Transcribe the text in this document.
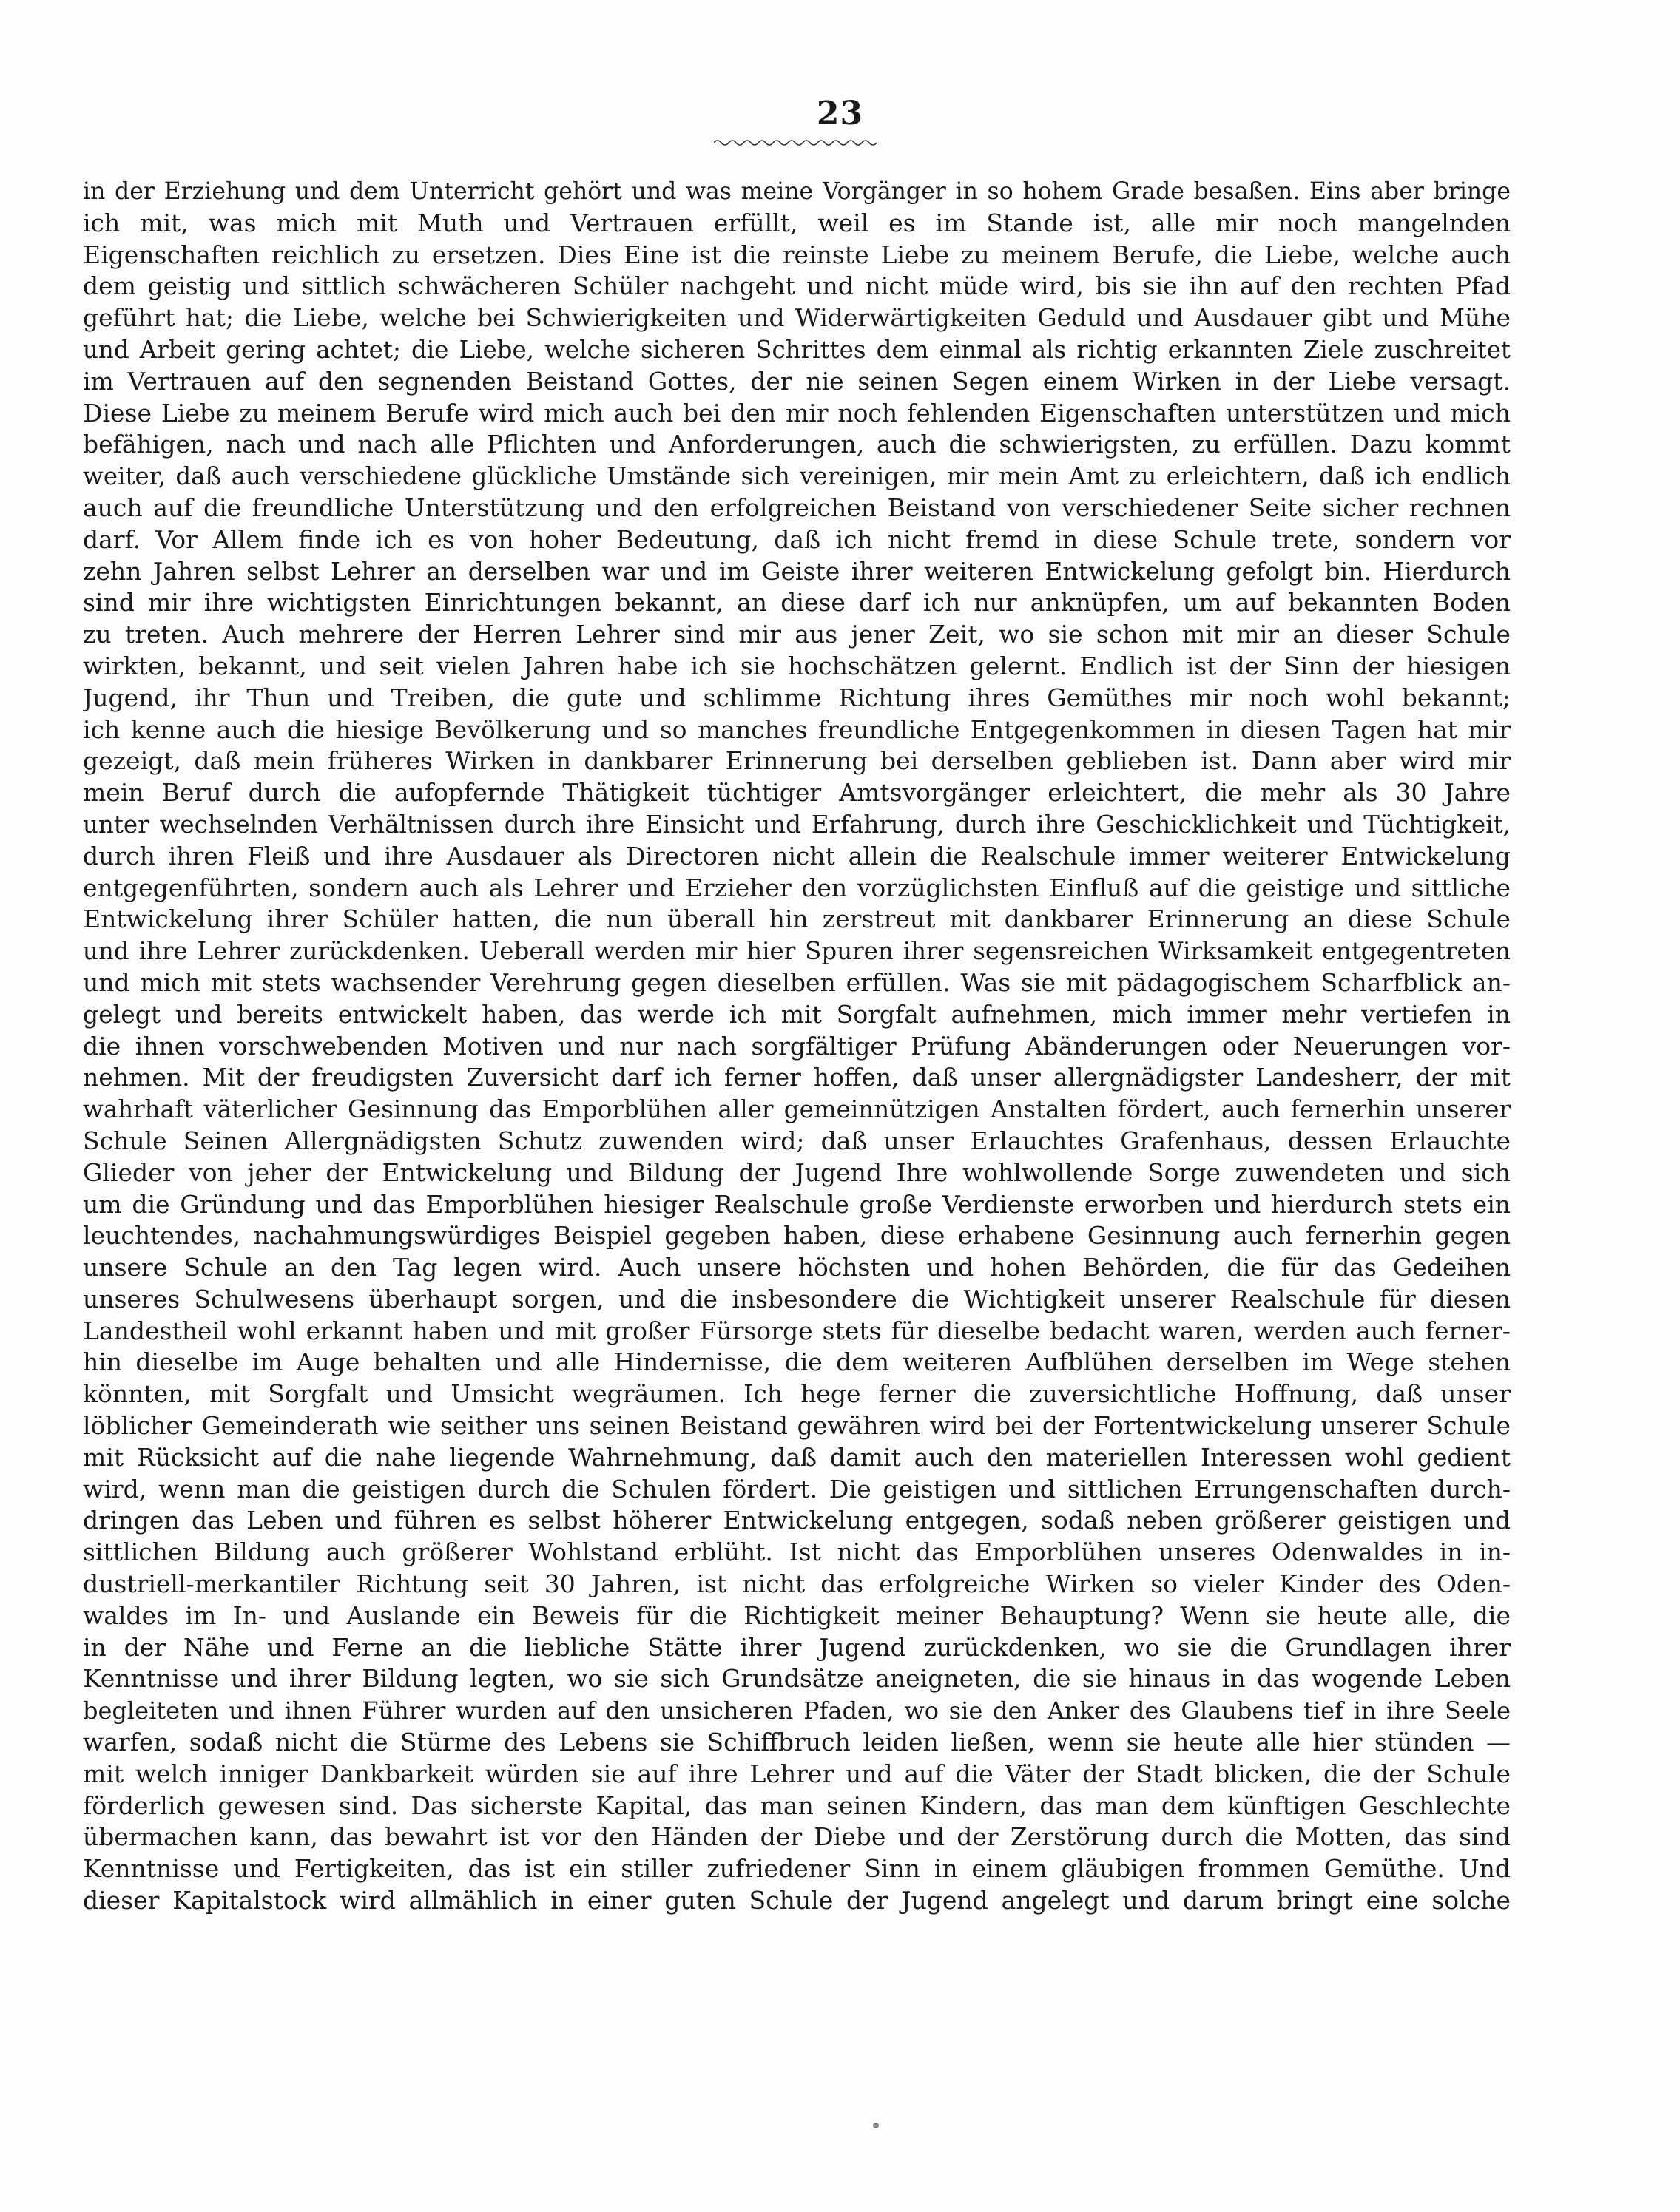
23
in der Erziehung und dem Unterricht gehört und was meine Vorgänger in so hohem Grade besaßen. Eins aber bringe
ich mit, was mich mit Muth und Vertrauen erfüllt, weil es im Stande ist, alle mir noch mangelnden
Eigenschaften reichlich zu ersetzen. Dies Eine ist die reinste Liebe zu meinem Berufe, die Liebe, welche auch
dem geistig und sittlich schwächeren Schüler nachgeht und nicht müde wird, bis sie ihn auf den rechten Pfad
geführt hat; die Liebe, welche bei Schwierigkeiten und Widerwärtigkeiten Geduld und Ausdauer gibt und Mühe
und Arbeit gering achtet; die Liebe, welche sicheren Schrittes dem einmal als richtig erkannten Ziele zuschreitet
im Vertrauen auf den segnenden Beistand Gottes, der nie seinen Segen einem Wirken in der Liebe versagt.
Diese Liebe zu meinem Berufe wird mich auch bei den mir noch fehlenden Eigenschaften unterstützen und mich
befähigen, nach und nach alle Pflichten und Anforderungen, auch die schwierigsten, zu erfüllen. Dazu kommt
weiter, daß auch verschiedene glückliche Umstände sich vereinigen, mir mein Amt zu erleichtern, daß ich endlich
auch auf die freundliche Unterstützung und den erfolgreichen Beistand von verschiedener Seite sicher rechnen
darf. Vor Allem finde ich es von hoher Bedeutung, daß ich nicht fremd in diese Schule trete, sondern vor
zehn Jahren selbst Lehrer an derselben war und im Geiste ihrer weiteren Entwickelung gefolgt bin. Hierdurch
sind mir ihre wichtigsten Einrichtungen bekannt, an diese darf ich nur anknüpfen, um auf bekannten Boden
zu treten. Auch mehrere der Herren Lehrer sind mir aus jener Zeit, wo sie schon mit mir an dieser Schule
wirkten, bekannt, und seit vielen Jahren habe ich sie hochschätzen gelernt. Endlich ist der Sinn der hiesigen
Jugend, ihr Thun und Treiben, die gute und schlimme Richtung ihres Gemüthes mir noch wohl bekannt;
ich kenne auch die hiesige Bevölkerung und so manches freundliche Entgegenkommen in diesen Tagen hat mir
gezeigt, daß mein früheres Wirken in dankbarer Erinnerung bei derselben geblieben ist. Dann aber wird mir
mein Beruf durch die aufopfernde Thätigkeit tüchtiger Amtsvorgänger erleichtert, die mehr als 30 Jahre
unter wechselnden Verhältnissen durch ihre Einsicht und Erfahrung, durch ihre Geschicklichkeit und Tüchtigkeit,
durch ihren Fleiß und ihre Ausdauer als Directoren nicht allein die Realschule immer weiterer Entwickelung
entgegenführten, sondern auch als Lehrer und Erzieher den vorzüglichsten Einfluß auf die geistige und sittliche
Entwickelung ihrer Schüler hatten, die nun überall hin zerstreut mit dankbarer Erinnerung an diese Schule
und ihre Lehrer zurückdenken. Ueberall werden mir hier Spuren ihrer segensreichen Wirksamkeit entgegentreten
und mich mit stets wachsender Verehrung gegen dieselben erfüllen. Was sie mit pädagogischem Scharfblick an-
gelegt und bereits entwickelt haben, das werde ich mit Sorgfalt aufnehmen, mich immer mehr vertiefen in
die ihnen vorschwebenden Motiven und nur nach sorgfältiger Prüfung Abänderungen oder Neuerungen vor-
nehmen. Mit der freudigsten Zuversicht darf ich ferner hoffen, daß unser allergnädigster Landesherr, der mit
wahrhaft väterlicher Gesinnung das Emporblühen aller gemeinnützigen Anstalten fördert, auch fernerhin unserer
Schule Seinen Allergnädigsten Schutz zuwenden wird; daß unser Erlauchtes Grafenhaus, dessen Erlauchte
Glieder von jeher der Entwickelung und Bildung der Jugend Ihre wohlwollende Sorge zuwendeten und sich
um die Gründung und das Emporblühen hiesiger Realschule große Verdienste erworben und hierdurch stets ein
leuchtendes, nachahmungswürdiges Beispiel gegeben haben, diese erhabene Gesinnung auch fernerhin gegen
unsere Schule an den Tag legen wird. Auch unsere höchsten und hohen Behörden, die für das Gedeihen
unseres Schulwesens überhaupt sorgen, und die insbesondere die Wichtigkeit unserer Realschule für diesen
Landestheil wohl erkannt haben und mit großer Fürsorge stets für dieselbe bedacht waren, werden auch ferner-
hin dieselbe im Auge behalten und alle Hindernisse, die dem weiteren Aufblühen derselben im Wege stehen
könnten, mit Sorgfalt und Umsicht wegräumen. Ich hege ferner die zuversichtliche Hoffnung, daß unser
löblicher Gemeinderath wie seither uns seinen Beistand gewähren wird bei der Fortentwickelung unserer Schule
mit Rücksicht auf die nahe liegende Wahrnehmung, daß damit auch den materiellen Interessen wohl gedient
wird, wenn man die geistigen durch die Schulen fördert. Die geistigen und sittlichen Errungenschaften durch-
dringen das Leben und führen es selbst höherer Entwickelung entgegen, sodaß neben größerer geistigen und
sittlichen Bildung auch größerer Wohlstand erblüht. Ist nicht das Emporblühen unseres Odenwaldes in in-
dustriell-merkantiler Richtung seit 30 Jahren, ist nicht das erfolgreiche Wirken so vieler Kinder des Oden-
waldes im In- und Auslande ein Beweis für die Richtigkeit meiner Behauptung? Wenn sie heute alle, die
in der Nähe und Ferne an die liebliche Stätte ihrer Jugend zurückdenken, wo sie die Grundlagen ihrer
Kenntnisse und ihrer Bildung legten, wo sie sich Grundsätze aneigneten, die sie hinaus in das wogende Leben
begleiteten und ihnen Führer wurden auf den unsicheren Pfaden, wo sie den Anker des Glaubens tief in ihre Seele
warfen, sodaß nicht die Stürme des Lebens sie Schiffbruch leiden ließen, wenn sie heute alle hier stünden —
mit welch inniger Dankbarkeit würden sie auf ihre Lehrer und auf die Väter der Stadt blicken, die der Schule
förderlich gewesen sind. Das sicherste Kapital, das man seinen Kindern, das man dem künftigen Geschlechte
übermachen kann, das bewahrt ist vor den Händen der Diebe und der Zerstörung durch die Motten, das sind
Kenntnisse und Fertigkeiten, das ist ein stiller zufriedener Sinn in einem gläubigen frommen Gemüthe. Und
dieser Kapitalstock wird allmählich in einer guten Schule der Jugend angelegt und darum bringt eine solche
